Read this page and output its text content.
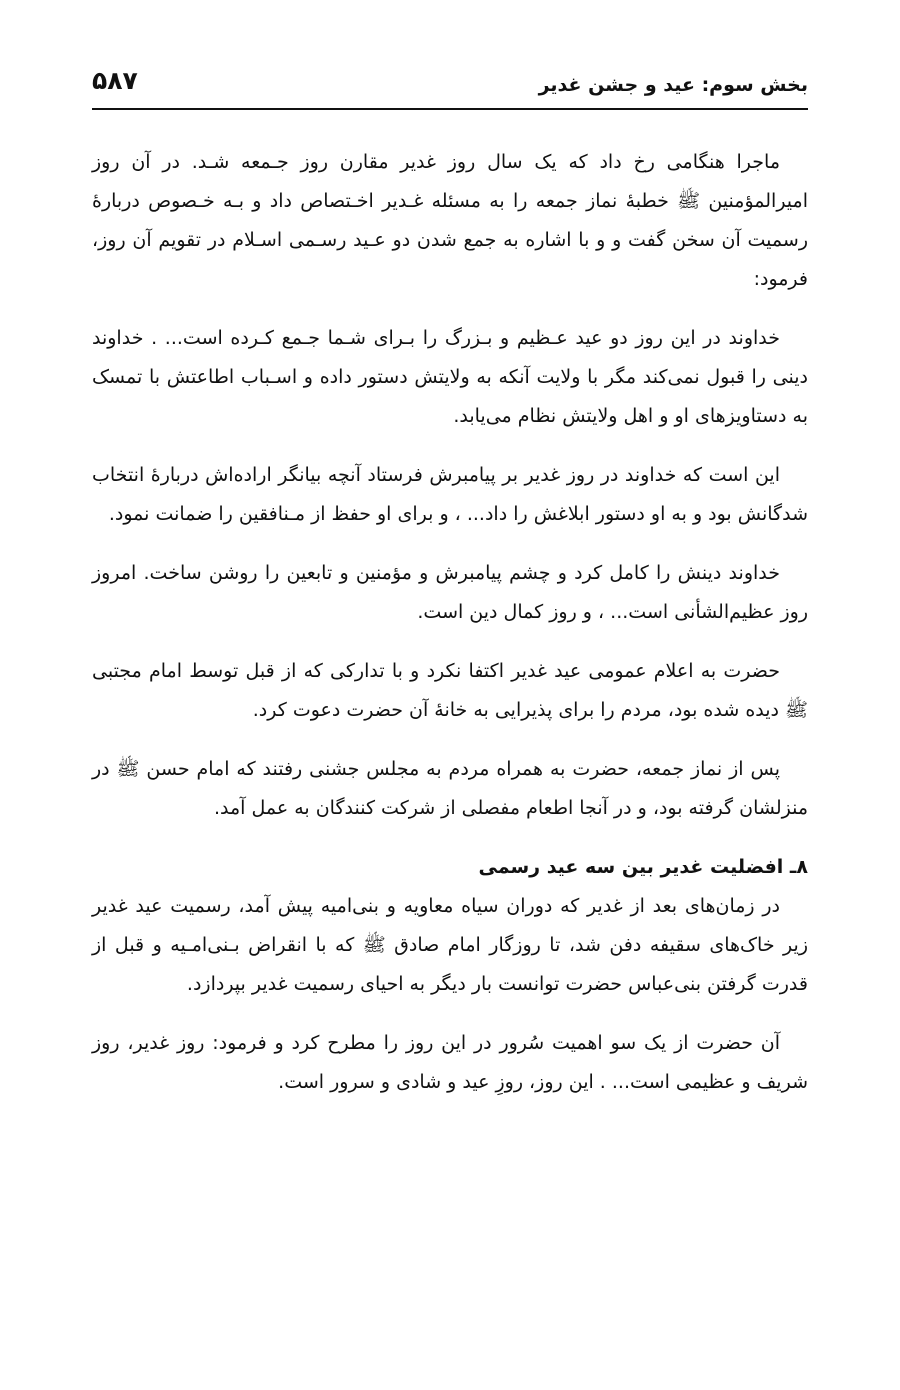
بخش سوم: عید و جشن غدیر
۵۸۷

ماجرا هنگامی رخ داد که یک سال روز غدیر مقارن روز جـمعه شـد. در آن روز امیرالمؤمنین ﷺ خطبهٔ نماز جمعه را به مسئله غـدیر اخـتصاص داد و بـه خـصوص دربارهٔ رسمیت آن سخن گفت و و با اشاره به جمع شدن دو عـید رسـمی اسـلام در تقویم آن روز، فرمود:

خداوند در این روز دو عید عـظیم و بـزرگ را بـرای شـما جـمع کـرده است... . خداوند دینی را قبول نمی‌کند مگر با ولایت آنکه به ولایتش دستور داده و اسـباب اطاعتش با تمسک به دستاویزهای او و اهل ولایتش نظام می‌یابد.

این است که خداوند در روز غدیر بر پیامبرش فرستاد آنچه بیانگر اراده‌اش دربارهٔ انتخاب شدگانش بود و به او دستور ابلاغش را داد... ، و برای او حفظ از مـنافقین را ضمانت نمود.

خداوند دینش را کامل کرد و چشم پیامبرش و مؤمنین و تابعین را روشن ساخت. امروز روز عظیم‌الشأنی است... ، و روز کمال دین است.

حضرت به اعلام عمومی عید غدیر اکتفا نکرد و با تدارکی که از قبل توسط امام مجتبی ﷺ دیده شده بود، مردم را برای پذیرایی به خانهٔ آن حضرت دعوت کرد.

پس از نماز جمعه، حضرت به همراه مردم به مجلس جشنی رفتند که امام حسن ﷺ در منزلشان گرفته بود، و در آنجا اطعام مفصلی از شرکت کنندگان به عمل آمد.

۸ـ افضلیت غدیر بین سه عید رسمی

در زمان‌های بعد از غدیر که دوران سیاه معاویه و بنی‌امیه پیش آمد، رسمیت عید غدیر زیر خاک‌های سقیفه دفن شد، تا روزگار امام صادق ﷺ که با انقراض بـنی‌امـیه و قبل از قدرت گرفتن بنی‌عباس حضرت توانست بار دیگر به احیای رسمیت غدیر بپردازد.

آن حضرت از یک سو اهمیت سُرور در این روز را مطرح کرد و فرمود: روز غدیر، روز شریف و عظیمی است... . این روز، روزِ عید و شادی و سرور است.
